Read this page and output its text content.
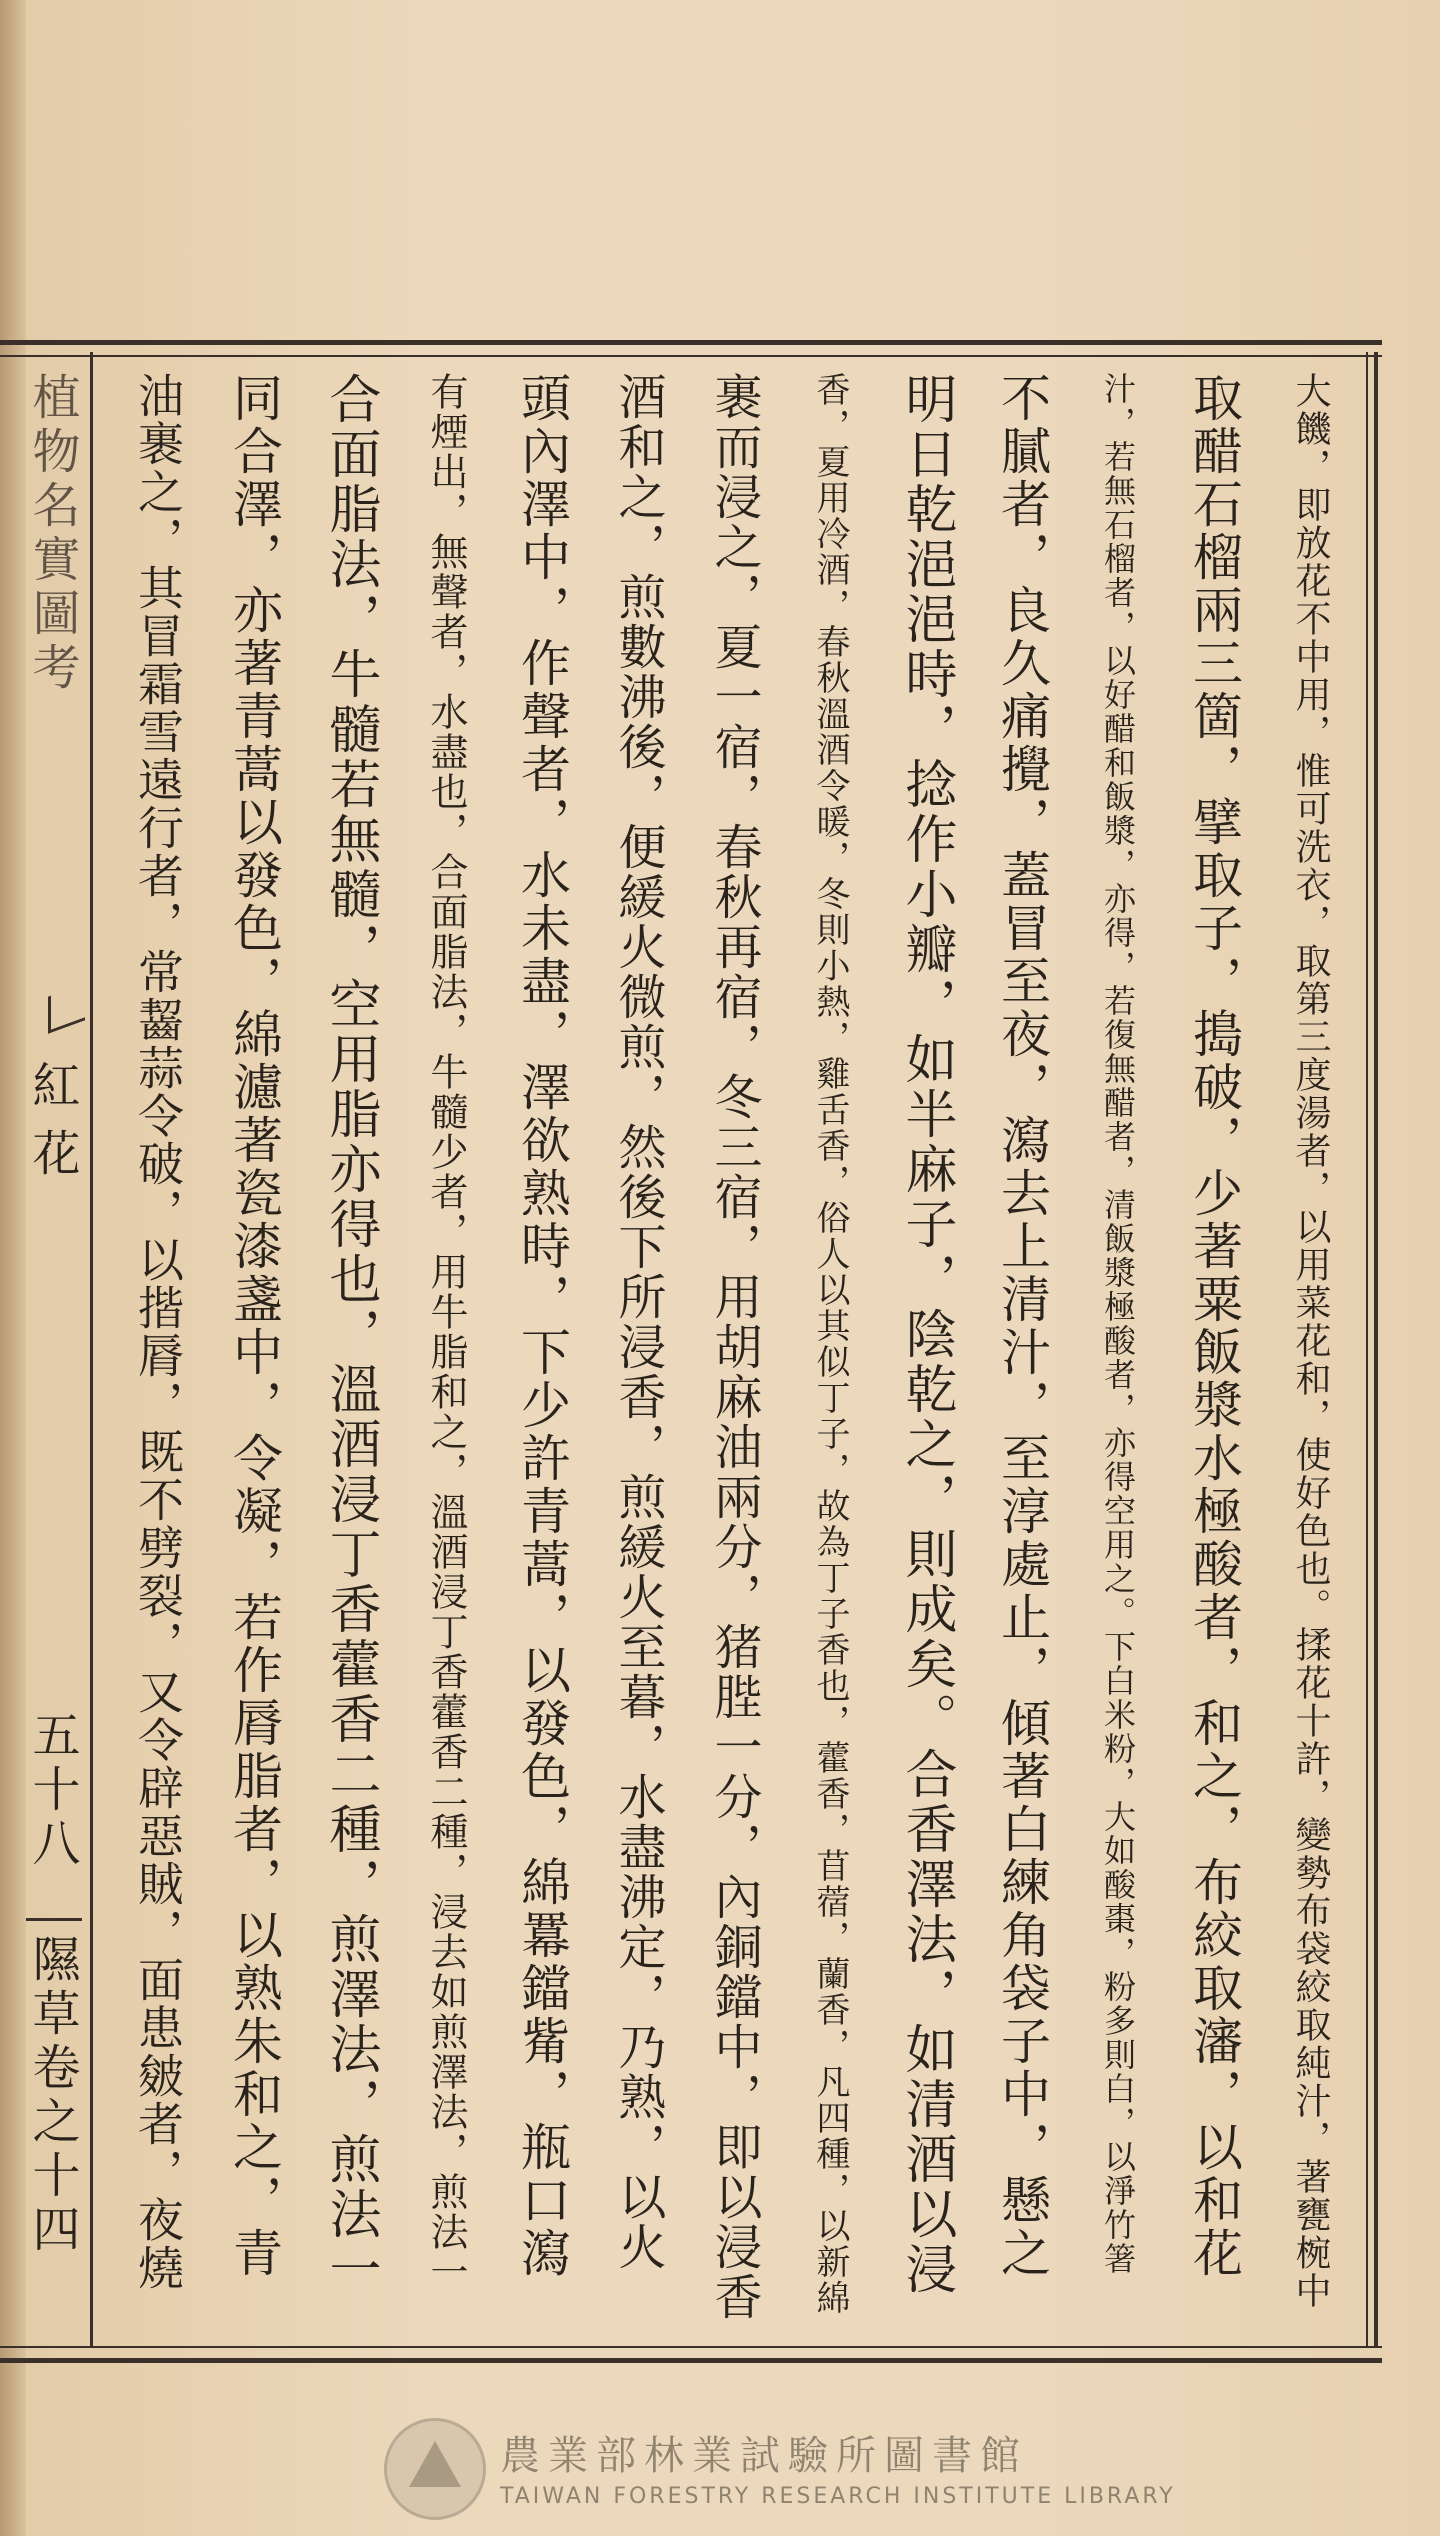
植物名實圖考
紅花
五十八
隰草卷之十四	大饑，即放花不中用，惟可洗衣，取第三度湯者，以用菜花和，使好色也。揉花十許，變勢布袋絞取純汁，著甕椀中
取醋石榴兩三箇，擘取子，搗破，少著粟飯漿水極酸者，和之，布絞取瀋，以和花
汁，若無石榴者，以好醋和飯漿，亦得，若復無醋者，清飯漿極酸者，亦得空用之。下白米粉，大如酸棗，粉多則白，以淨竹箸
不膩者，良久痛攪，蓋冒至夜，瀉去上清汁，至淳處止，傾著白練角袋子中，懸之
明日乾浥浥時，捻作小瓣，如半麻子，陰乾之，則成矣。合香澤法，如清酒以浸
香，夏用冷酒，春秋溫酒令暖，冬則小熱，雞舌香，俗人以其似丁子，故為丁子香也，藿香，苜蓿，蘭香，凡四種，以新綿
裹而浸之，夏一宿，春秋再宿，冬三宿，用胡麻油兩分，猪䏶一分，內銅鐺中，即以浸香
酒和之，煎數沸後，便緩火微煎，然後下所浸香，煎緩火至暮，水盡沸定，乃熟，以火
頭內澤中，作聲者，水未盡，澤欲熟時，下少許青蒿，以發色，綿羃鐺觜，瓶口瀉
有煙出，無聲者，水盡也，合面脂法，牛髓少者，用牛脂和之，溫酒浸丁香藿香二種，浸去如煎澤法，煎法一
合面脂法，牛髓若無髓，空用脂亦得也，溫酒浸丁香藿香二種，煎澤法，煎法一
同合澤，亦著青蒿以發色，綿濾著瓷漆盞中，令凝，若作脣脂者，以熟朱和之，青
油裹之，其冒霜雪遠行者，常齧蒜令破，以揩脣，既不劈裂，又令辟惡賊，面患皴者，夜燒
農業部林業試驗所圖書館
TAIWAN FORESTRY RESEARCH INSTITUTE LIBRARY
